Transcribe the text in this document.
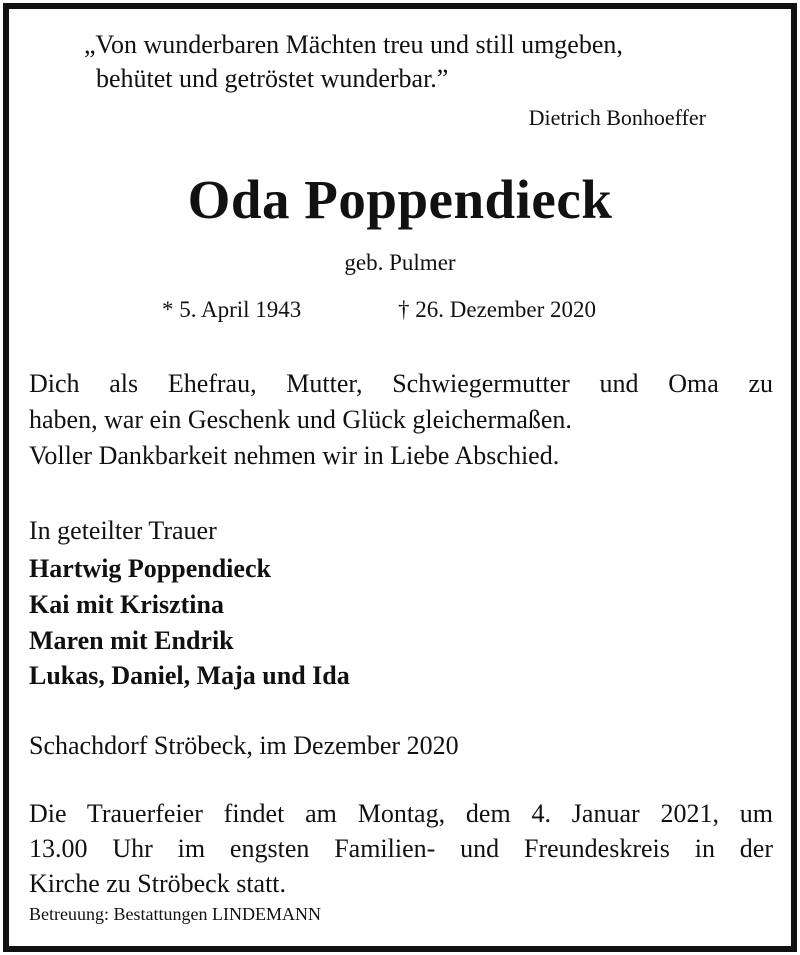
„Von wunderbaren Mächten treu und still umgeben,

behütet und getröstet wunderbar.”

Dietrich Bonhoeffer

Oda Poppendieck

geb. Pulmer

* 5. April 1943	† 26. Dezember 2020

Dich als Ehefrau, Mutter, Schwiegermutter und Oma zu

haben, war ein Geschenk und Glück gleichermaßen.

Voller Dankbarkeit nehmen wir in Liebe Abschied.

In geteilter Trauer

Hartwig Poppendieck

Kai mit Krisztina

Maren mit Endrik

Lukas, Daniel, Maja und Ida

Schachdorf Ströbeck, im Dezember 2020

Die Trauerfeier findet am Montag, dem 4. Januar 2021, um

13.00 Uhr im engsten Familien- und Freundeskreis in der

Kirche zu Ströbeck statt.

Betreuung: Bestattungen LINDEMANN
